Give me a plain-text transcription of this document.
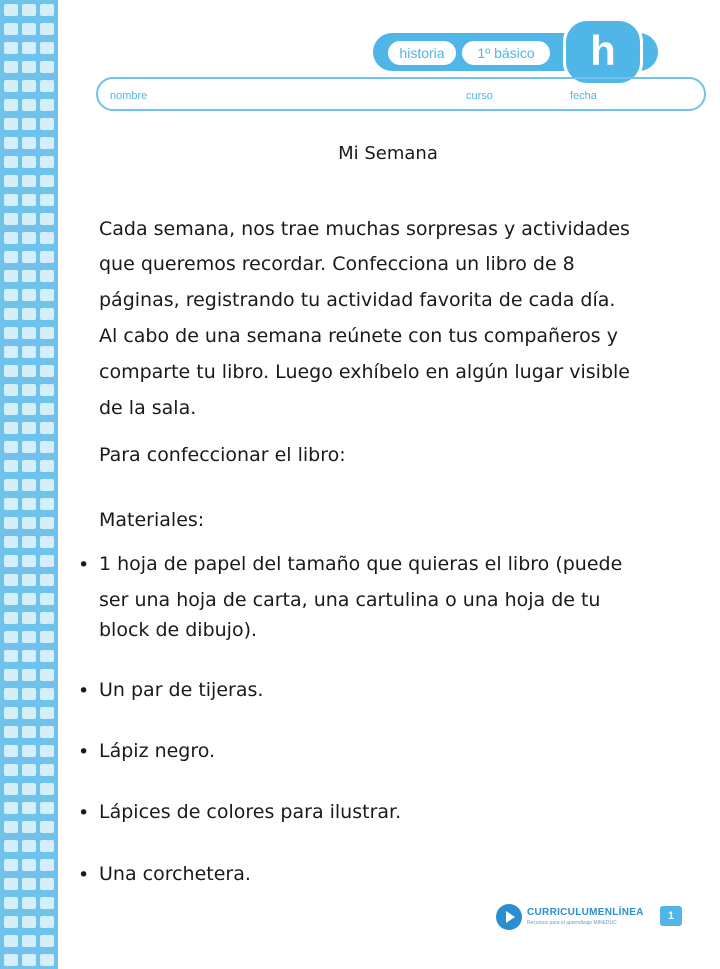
historia	1º básico	h
nombre	curso	fecha
Mi Semana
Cada semana, nos trae muchas sorpresas y actividades
que queremos recordar. Confecciona un libro de 8
páginas, registrando tu actividad favorita de cada día.
Al cabo de una semana reúnete con tus compañeros y
comparte tu libro. Luego exhíbelo en algún lugar visible
de la sala.
Para confeccionar el libro:
Materiales:
• 1 hoja de papel del tamaño que quieras el libro (puede
ser una hoja de carta, una cartulina o una hoja de tu
block de dibujo).
• Un par de tijeras.
• Lápiz negro.
• Lápices de colores para ilustrar.
• Una corchetera.
CURRICULUMENLÍNEA
Recursos para el aprendizaje MINEDUC
1
